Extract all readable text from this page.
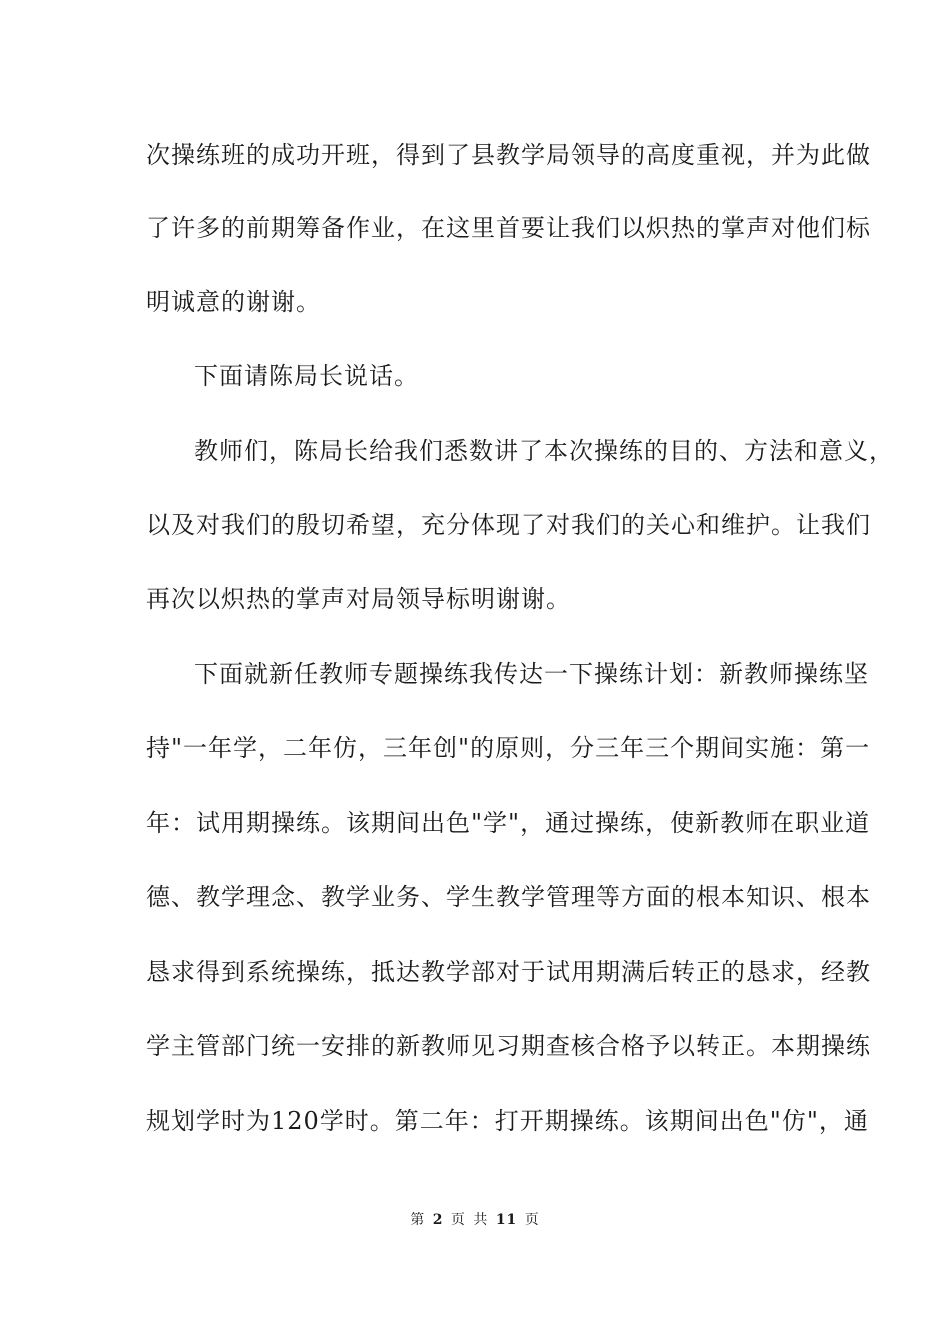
次操练班的成功开班，得到了县教学局领导的高度重视，并为此做
了许多的前期筹备作业，在这里首要让我们以炽热的掌声对他们标
明诚意的谢谢。
下面请陈局长说话。
教师们，陈局长给我们悉数讲了本次操练的目的、方法和意义，
以及对我们的殷切希望，充分体现了对我们的关心和维护。让我们
再次以炽热的掌声对局领导标明谢谢。
下面就新任教师专题操练我传达一下操练计划：新教师操练坚
持"一年学，二年仿，三年创"的原则，分三年三个期间实施：第一
年：试用期操练。该期间出色"学"，通过操练，使新教师在职业道
德、教学理念、教学业务、学生教学管理等方面的根本知识、根本
恳求得到系统操练，抵达教学部对于试用期满后转正的恳求，经教
学主管部门统一安排的新教师见习期查核合格予以转正。本期操练
规划学时为120学时。第二年：打开期操练。该期间出色"仿"，通
第 2 页 共 11 页
